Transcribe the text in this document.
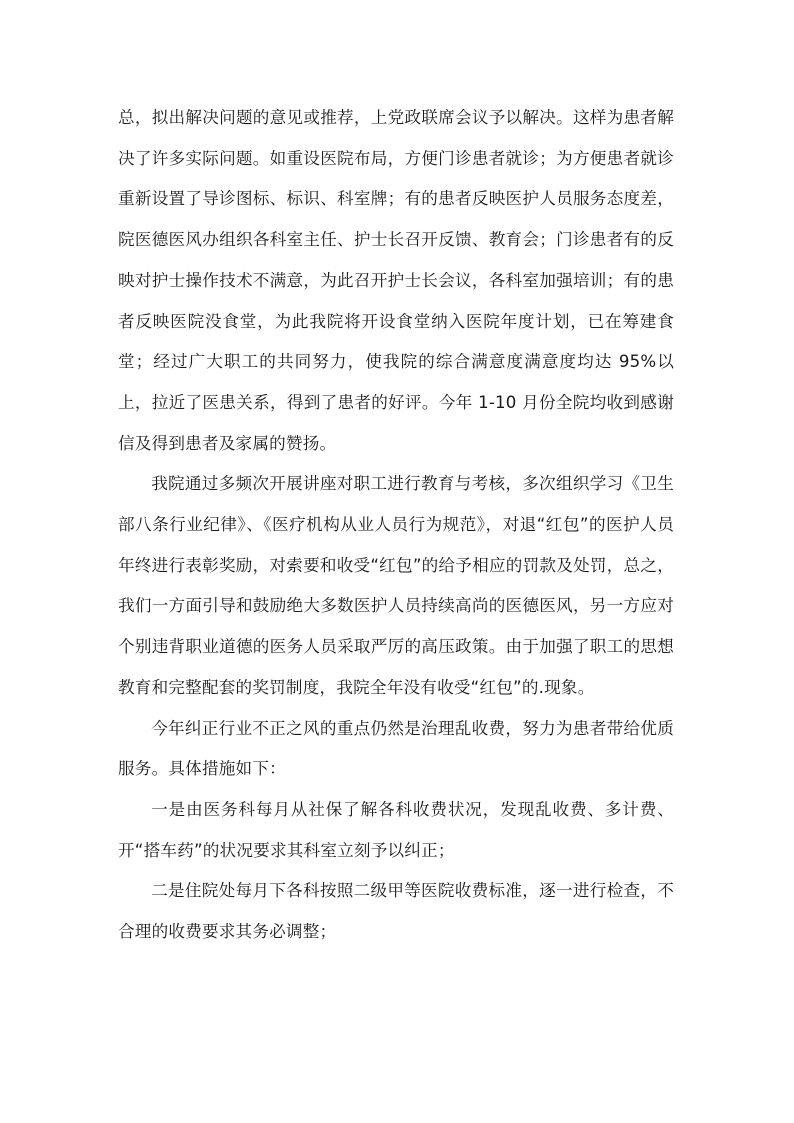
总，拟出解决问题的意见或推荐，上党政联席会议予以解决。这样为患者解决了许多实际问题。如重设医院布局，方便门诊患者就诊；为方便患者就诊重新设置了导诊图标、标识、科室牌；有的患者反映医护人员服务态度差，院医德医风办组织各科室主任、护士长召开反馈、教育会；门诊患者有的反映对护士操作技术不满意，为此召开护士长会议，各科室加强培训；有的患者反映医院没食堂，为此我院将开设食堂纳入医院年度计划，已在筹建食堂；经过广大职工的共同努力，使我院的综合满意度满意度均达 95%以上，拉近了医患关系，得到了患者的好评。今年 1-10 月份全院均收到感谢信及得到患者及家属的赞扬。

我院通过多频次开展讲座对职工进行教育与考核，多次组织学习《卫生部八条行业纪律》、《医疗机构从业人员行为规范》，对退“红包”的医护人员年终进行表彰奖励，对索要和收受“红包”的给予相应的罚款及处罚，总之，我们一方面引导和鼓励绝大多数医护人员持续高尚的医德医风，另一方应对个别违背职业道德的医务人员采取严厉的高压政策。由于加强了职工的思想教育和完整配套的奖罚制度，我院全年没有收受“红包”的.现象。

今年纠正行业不正之风的重点仍然是治理乱收费，努力为患者带给优质服务。具体措施如下：

一是由医务科每月从社保了解各科收费状况，发现乱收费、多计费、开“搭车药”的状况要求其科室立刻予以纠正；

二是住院处每月下各科按照二级甲等医院收费标准，逐一进行检查，不合理的收费要求其务必调整；
